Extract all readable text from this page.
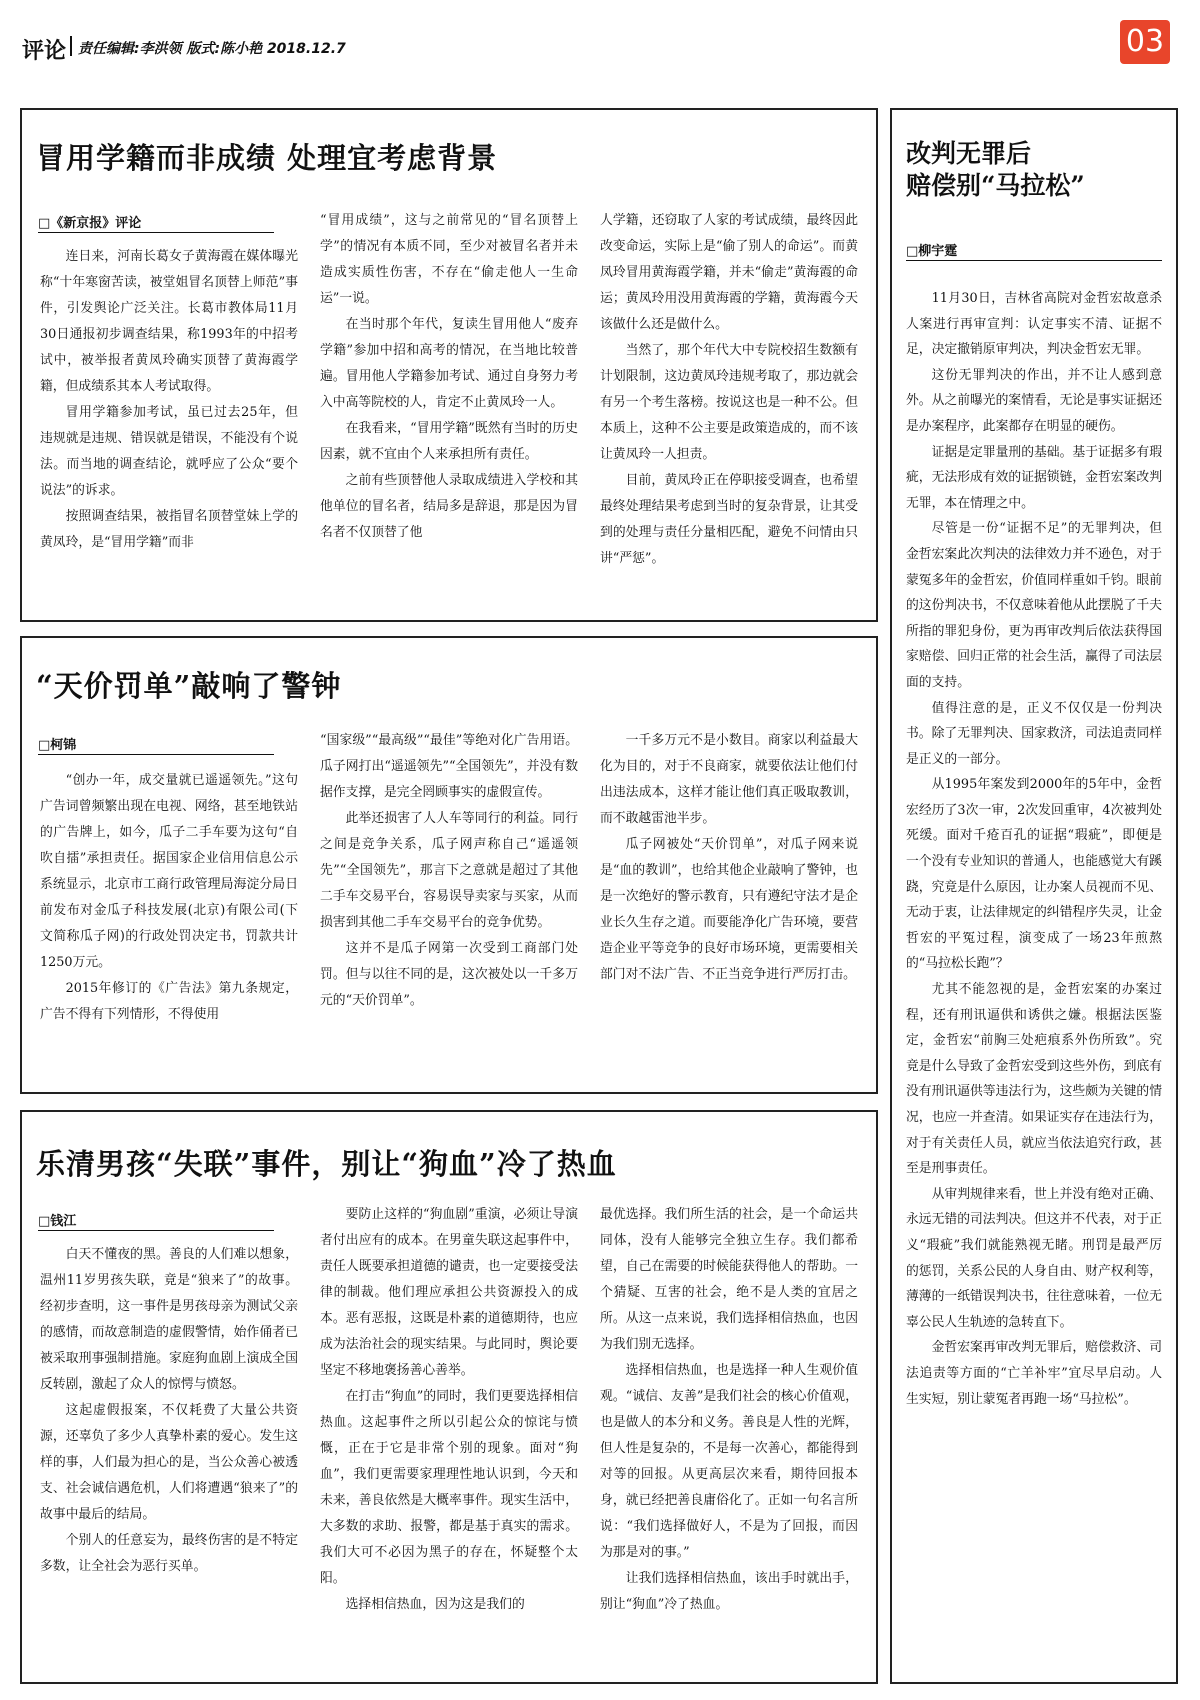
评论 责任编辑:李洪领 版式:陈小艳 2018.12.7	03
冒用学籍而非成绩 处理宜考虑背景
□《新京报》评论

连日来，河南长葛女子黄海霞在媒体曝光称“十年寒窗苦读，被堂姐冒名顶替上师范”事件，引发舆论广泛关注。长葛市教体局11月30日通报初步调查结果，称1993年的中招考试中，被举报者黄凤玲确实顶替了黄海霞学籍，但成绩系其本人考试取得。

冒用学籍参加考试，虽已过去25年，但违规就是违规、错误就是错误，不能没有个说法。而当地的调查结论，就呼应了公众“要个说法”的诉求。

按照调查结果，被指冒名顶替堂妹上学的黄凤玲，是“冒用学籍”而非

“冒用成绩”，这与之前常见的“冒名顶替上学”的情况有本质不同，至少对被冒名者并未造成实质性伤害，不存在“偷走他人一生命运”一说。

在当时那个年代，复读生冒用他人“废弃学籍”参加中招和高考的情况，在当地比较普遍。冒用他人学籍参加考试、通过自身努力考入中高等院校的人，肯定不止黄凤玲一人。

在我看来，“冒用学籍”既然有当时的历史因素，就不宜由个人来承担所有责任。

之前有些顶替他人录取成绩进入学校和其他单位的冒名者，结局多是辞退，那是因为冒名者不仅顶替了他

人学籍，还窃取了人家的考试成绩，最终因此改变命运，实际上是“偷了别人的命运”。而黄凤玲冒用黄海霞学籍，并未“偷走”黄海霞的命运；黄凤玲用没用黄海霞的学籍，黄海霞今天该做什么还是做什么。

当然了，那个年代大中专院校招生数额有计划限制，这边黄凤玲违规考取了，那边就会有另一个考生落榜。按说这也是一种不公。但本质上，这种不公主要是政策造成的，而不该让黄凤玲一人担责。

目前，黄凤玲正在停职接受调查，也希望最终处理结果考虑到当时的复杂背景，让其受到的处理与责任分量相匹配，避免不问情由只讲“严惩”。

“天价罚单”敲响了警钟
□柯锦

“创办一年，成交量就已遥遥领先。”这句广告词曾频繁出现在电视、网络，甚至地铁站的广告牌上，如今，瓜子二手车要为这句“自吹自擂”承担责任。据国家企业信用信息公示系统显示，北京市工商行政管理局海淀分局日前发布对金瓜子科技发展(北京)有限公司(下文简称瓜子网)的行政处罚决定书，罚款共计1250万元。

2015年修订的《广告法》第九条规定，广告不得有下列情形，不得使用

“国家级”“最高级”“最佳”等绝对化广告用语。瓜子网打出“遥遥领先”“全国领先”，并没有数据作支撑，是完全罔顾事实的虚假宣传。

此举还损害了人人车等同行的利益。同行之间是竞争关系，瓜子网声称自己“遥遥领先”“全国领先”，那言下之意就是超过了其他二手车交易平台，容易误导卖家与买家，从而损害到其他二手车交易平台的竞争优势。

这并不是瓜子网第一次受到工商部门处罚。但与以往不同的是，这次被处以一千多万元的“天价罚单”。

一千多万元不是小数目。商家以利益最大化为目的，对于不良商家，就要依法让他们付出违法成本，这样才能让他们真正吸取教训，而不敢越雷池半步。

瓜子网被处“天价罚单”，对瓜子网来说是“血的教训”，也给其他企业敲响了警钟，也是一次绝好的警示教育，只有遵纪守法才是企业长久生存之道。而要能净化广告环境，要营造企业平等竞争的良好市场环境，更需要相关部门对不法广告、不正当竞争进行严厉打击。

乐清男孩“失联”事件，别让“狗血”冷了热血
□钱江

白天不懂夜的黑。善良的人们难以想象，温州11岁男孩失联，竟是“狼来了”的故事。经初步查明，这一事件是男孩母亲为测试父亲的感情，而故意制造的虚假警情，始作俑者已被采取刑事强制措施。家庭狗血剧上演成全国反转剧，激起了众人的惊愕与愤怒。

这起虚假报案，不仅耗费了大量公共资源，还辜负了多少人真挚朴素的爱心。发生这样的事，人们最为担心的是，当公众善心被透支、社会诚信遇危机，人们将遭遇“狼来了”的故事中最后的结局。

个别人的任意妄为，最终伤害的是不特定多数，让全社会为恶行买单。

要防止这样的“狗血剧”重演，必须让导演者付出应有的成本。在男童失联这起事件中，责任人既要承担道德的谴责，也一定要接受法律的制裁。他们理应承担公共资源投入的成本。恶有恶报，这既是朴素的道德期待，也应成为法治社会的现实结果。与此同时，舆论要坚定不移地褒扬善心善举。

在打击“狗血”的同时，我们更要选择相信热血。这起事件之所以引起公众的惊诧与愤慨，正在于它是非常个别的现象。面对“狗血”，我们更需要家理理性地认识到，今天和未来，善良依然是大概率事件。现实生活中，大多数的求助、报警，都是基于真实的需求。我们大可不必因为黑子的存在，怀疑整个太阳。

选择相信热血，因为这是我们的

最优选择。我们所生活的社会，是一个命运共同体，没有人能够完全独立生存。我们都希望，自己在需要的时候能获得他人的帮助。一个猜疑、互害的社会，绝不是人类的宜居之所。从这一点来说，我们选择相信热血，也因为我们别无选择。

选择相信热血，也是选择一种人生观价值观。“诚信、友善”是我们社会的核心价值观，也是做人的本分和义务。善良是人性的光辉，但人性是复杂的，不是每一次善心，都能得到对等的回报。从更高层次来看，期待回报本身，就已经把善良庸俗化了。正如一句名言所说：“我们选择做好人，不是为了回报，而因为那是对的事。”

让我们选择相信热血，该出手时就出手，别让“狗血”冷了热血。

改判无罪后
赔偿别“马拉松”
□柳宇霆

11月30日，吉林省高院对金哲宏故意杀人案进行再审宣判：认定事实不清、证据不足，决定撤销原审判决，判决金哲宏无罪。

这份无罪判决的作出，并不让人感到意外。从之前曝光的案情看，无论是事实证据还是办案程序，此案都存在明显的硬伤。

证据是定罪量刑的基础。基于证据多有瑕疵，无法形成有效的证据锁链，金哲宏案改判无罪，本在情理之中。

尽管是一份“证据不足”的无罪判决，但金哲宏案此次判决的法律效力并不逊色，对于蒙冤多年的金哲宏，价值同样重如千钧。眼前的这份判决书，不仅意味着他从此摆脱了千夫所指的罪犯身份，更为再审改判后依法获得国家赔偿、回归正常的社会生活，赢得了司法层面的支持。

值得注意的是，正义不仅仅是一份判决书。除了无罪判决、国家救济，司法追责同样是正义的一部分。

从1995年案发到2000年的5年中，金哲宏经历了3次一审，2次发回重审，4次被判处死缓。面对千疮百孔的证据“瑕疵”，即便是一个没有专业知识的普通人，也能感觉大有蹊跷，究竟是什么原因，让办案人员视而不见、无动于衷，让法律规定的纠错程序失灵，让金哲宏的平冤过程，演变成了一场23年煎熬的“马拉松长跑”？

尤其不能忽视的是，金哲宏案的办案过程，还有刑讯逼供和诱供之嫌。根据法医鉴定，金哲宏“前胸三处疤痕系外伤所致”。究竟是什么导致了金哲宏受到这些外伤，到底有没有刑讯逼供等违法行为，这些颇为关键的情况，也应一并查清。如果证实存在违法行为，对于有关责任人员，就应当依法追究行政，甚至是刑事责任。

从审判规律来看，世上并没有绝对正确、永远无错的司法判决。但这并不代表，对于正义“瑕疵”我们就能熟视无睹。刑罚是最严厉的惩罚，关系公民的人身自由、财产权利等，薄薄的一纸错误判决书，往往意味着，一位无辜公民人生轨迹的急转直下。

金哲宏案再审改判无罪后，赔偿救济、司法追责等方面的“亡羊补牢”宜尽早启动。人生实短，别让蒙冤者再跑一场“马拉松”。
